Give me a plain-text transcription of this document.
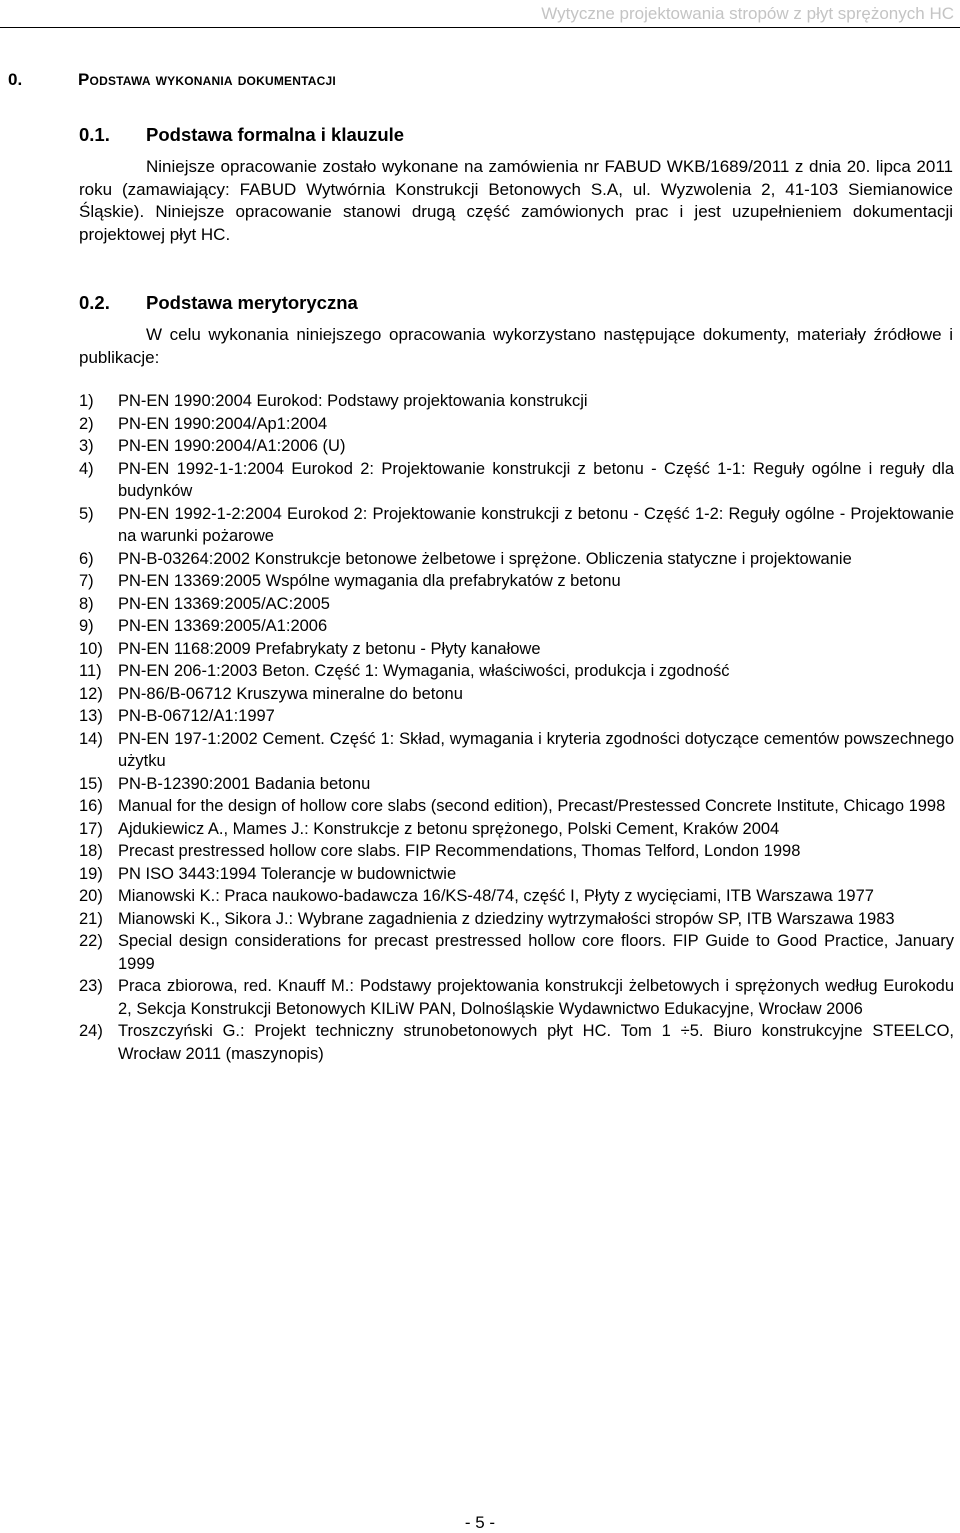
Wytyczne projektowania stropów z płyt sprężonych HC
0.	Podstawa wykonania dokumentacji
0.1. Podstawa formalna i klauzule
Niniejsze opracowanie zostało wykonane na zamówienia nr FABUD WKB/1689/2011 z dnia 20. lipca 2011 roku (zamawiający: FABUD Wytwórnia Konstrukcji Betonowych S.A, ul. Wyzwolenia 2, 41-103 Siemianowice Śląskie). Niniejsze opracowanie stanowi drugą część zamówionych prac i jest uzupełnieniem dokumentacji projektowej płyt HC.
0.2. Podstawa merytoryczna
W celu wykonania niniejszego opracowania wykorzystano następujące dokumenty, materiały źródłowe i publikacje:
1) PN-EN 1990:2004 Eurokod: Podstawy projektowania konstrukcji
2) PN-EN 1990:2004/Ap1:2004
3) PN-EN 1990:2004/A1:2006 (U)
4) PN-EN 1992-1-1:2004 Eurokod 2: Projektowanie konstrukcji z betonu - Część 1-1: Reguły ogólne i reguły dla budynków
5) PN-EN 1992-1-2:2004 Eurokod 2: Projektowanie konstrukcji z betonu - Część 1-2: Reguły ogólne - Projektowanie na warunki pożarowe
6) PN-B-03264:2002 Konstrukcje betonowe żelbetowe i sprężone. Obliczenia statyczne i projektowanie
7) PN-EN 13369:2005 Wspólne wymagania dla prefabrykatów z betonu
8) PN-EN 13369:2005/AC:2005
9) PN-EN 13369:2005/A1:2006
10) PN-EN 1168:2009 Prefabrykaty z betonu - Płyty kanałowe
11) PN-EN 206-1:2003 Beton. Część 1: Wymagania, właściwości, produkcja i zgodność
12) PN-86/B-06712 Kruszywa mineralne do betonu
13) PN-B-06712/A1:1997
14) PN-EN 197-1:2002 Cement. Część 1: Skład, wymagania i kryteria zgodności dotyczące cementów powszechnego użytku
15) PN-B-12390:2001 Badania betonu
16) Manual for the design of hollow core slabs (second edition), Precast/Prestessed Concrete Institute, Chicago 1998
17) Ajdukiewicz A., Mames J.: Konstrukcje z betonu sprężonego, Polski Cement, Kraków 2004
18) Precast prestressed hollow core slabs. FIP Recommendations, Thomas Telford, London 1998
19) PN ISO 3443:1994 Tolerancje w budownictwie
20) Mianowski K.: Praca naukowo-badawcza 16/KS-48/74, część I, Płyty z wycięciami, ITB Warszawa 1977
21) Mianowski K., Sikora J.: Wybrane zagadnienia z dziedziny wytrzymałości stropów SP, ITB Warszawa 1983
22) Special design considerations for precast prestressed hollow core floors. FIP Guide to Good Practice, January 1999
23) Praca zbiorowa, red. Knauff M.: Podstawy projektowania konstrukcji żelbetowych i sprężonych według Eurokodu 2, Sekcja Konstrukcji Betonowych KILiW PAN, Dolnośląskie Wydawnictwo Edukacyjne, Wrocław 2006
24) Troszczyński G.: Projekt techniczny strunobetonowych płyt HC. Tom 1 ÷5. Biuro konstrukcyjne STEELCO, Wrocław 2011 (maszynopis)
- 5 -
